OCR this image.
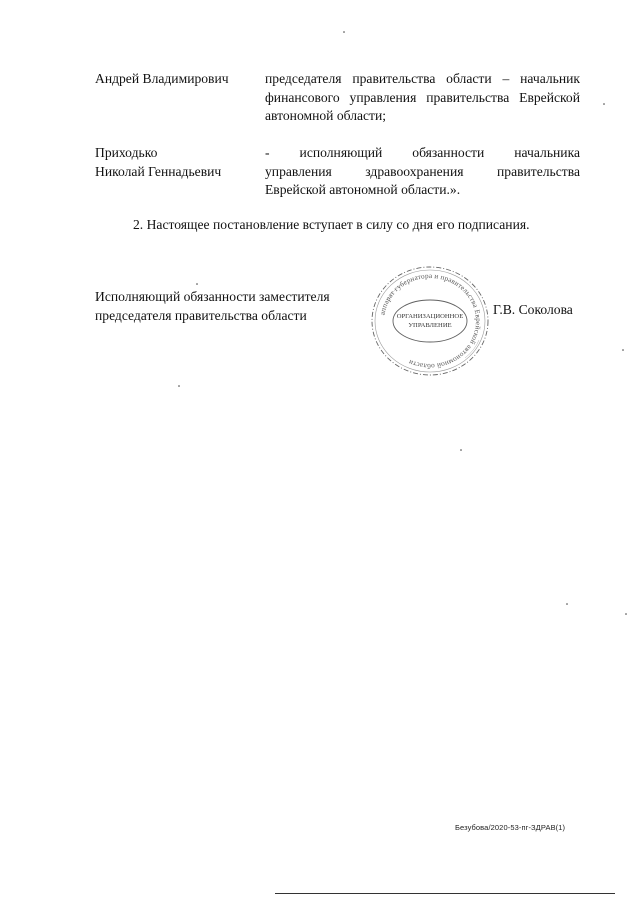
Андрей Владимирович	председателя правительства области – начальник
финансового управления правительства Еврейской
автономной области;
Приходько
Николай Геннадьевич
-   исполняющий   обязанности   начальника
управления   здравоохранения   правительства
Еврейской автономной области.».
2. Настоящее постановление вступает в силу со дня его подписания.
Исполняющий обязанности заместителя
председателя правительства области	аппарат губернатора и правительства Еврейской автономной области
ОРГАНИЗАЦИОННОЕ
УПРАВЛЕНИЕ
Г.В. Соколова
Безубова/2020-53-пг-ЗДРАВ(1)
